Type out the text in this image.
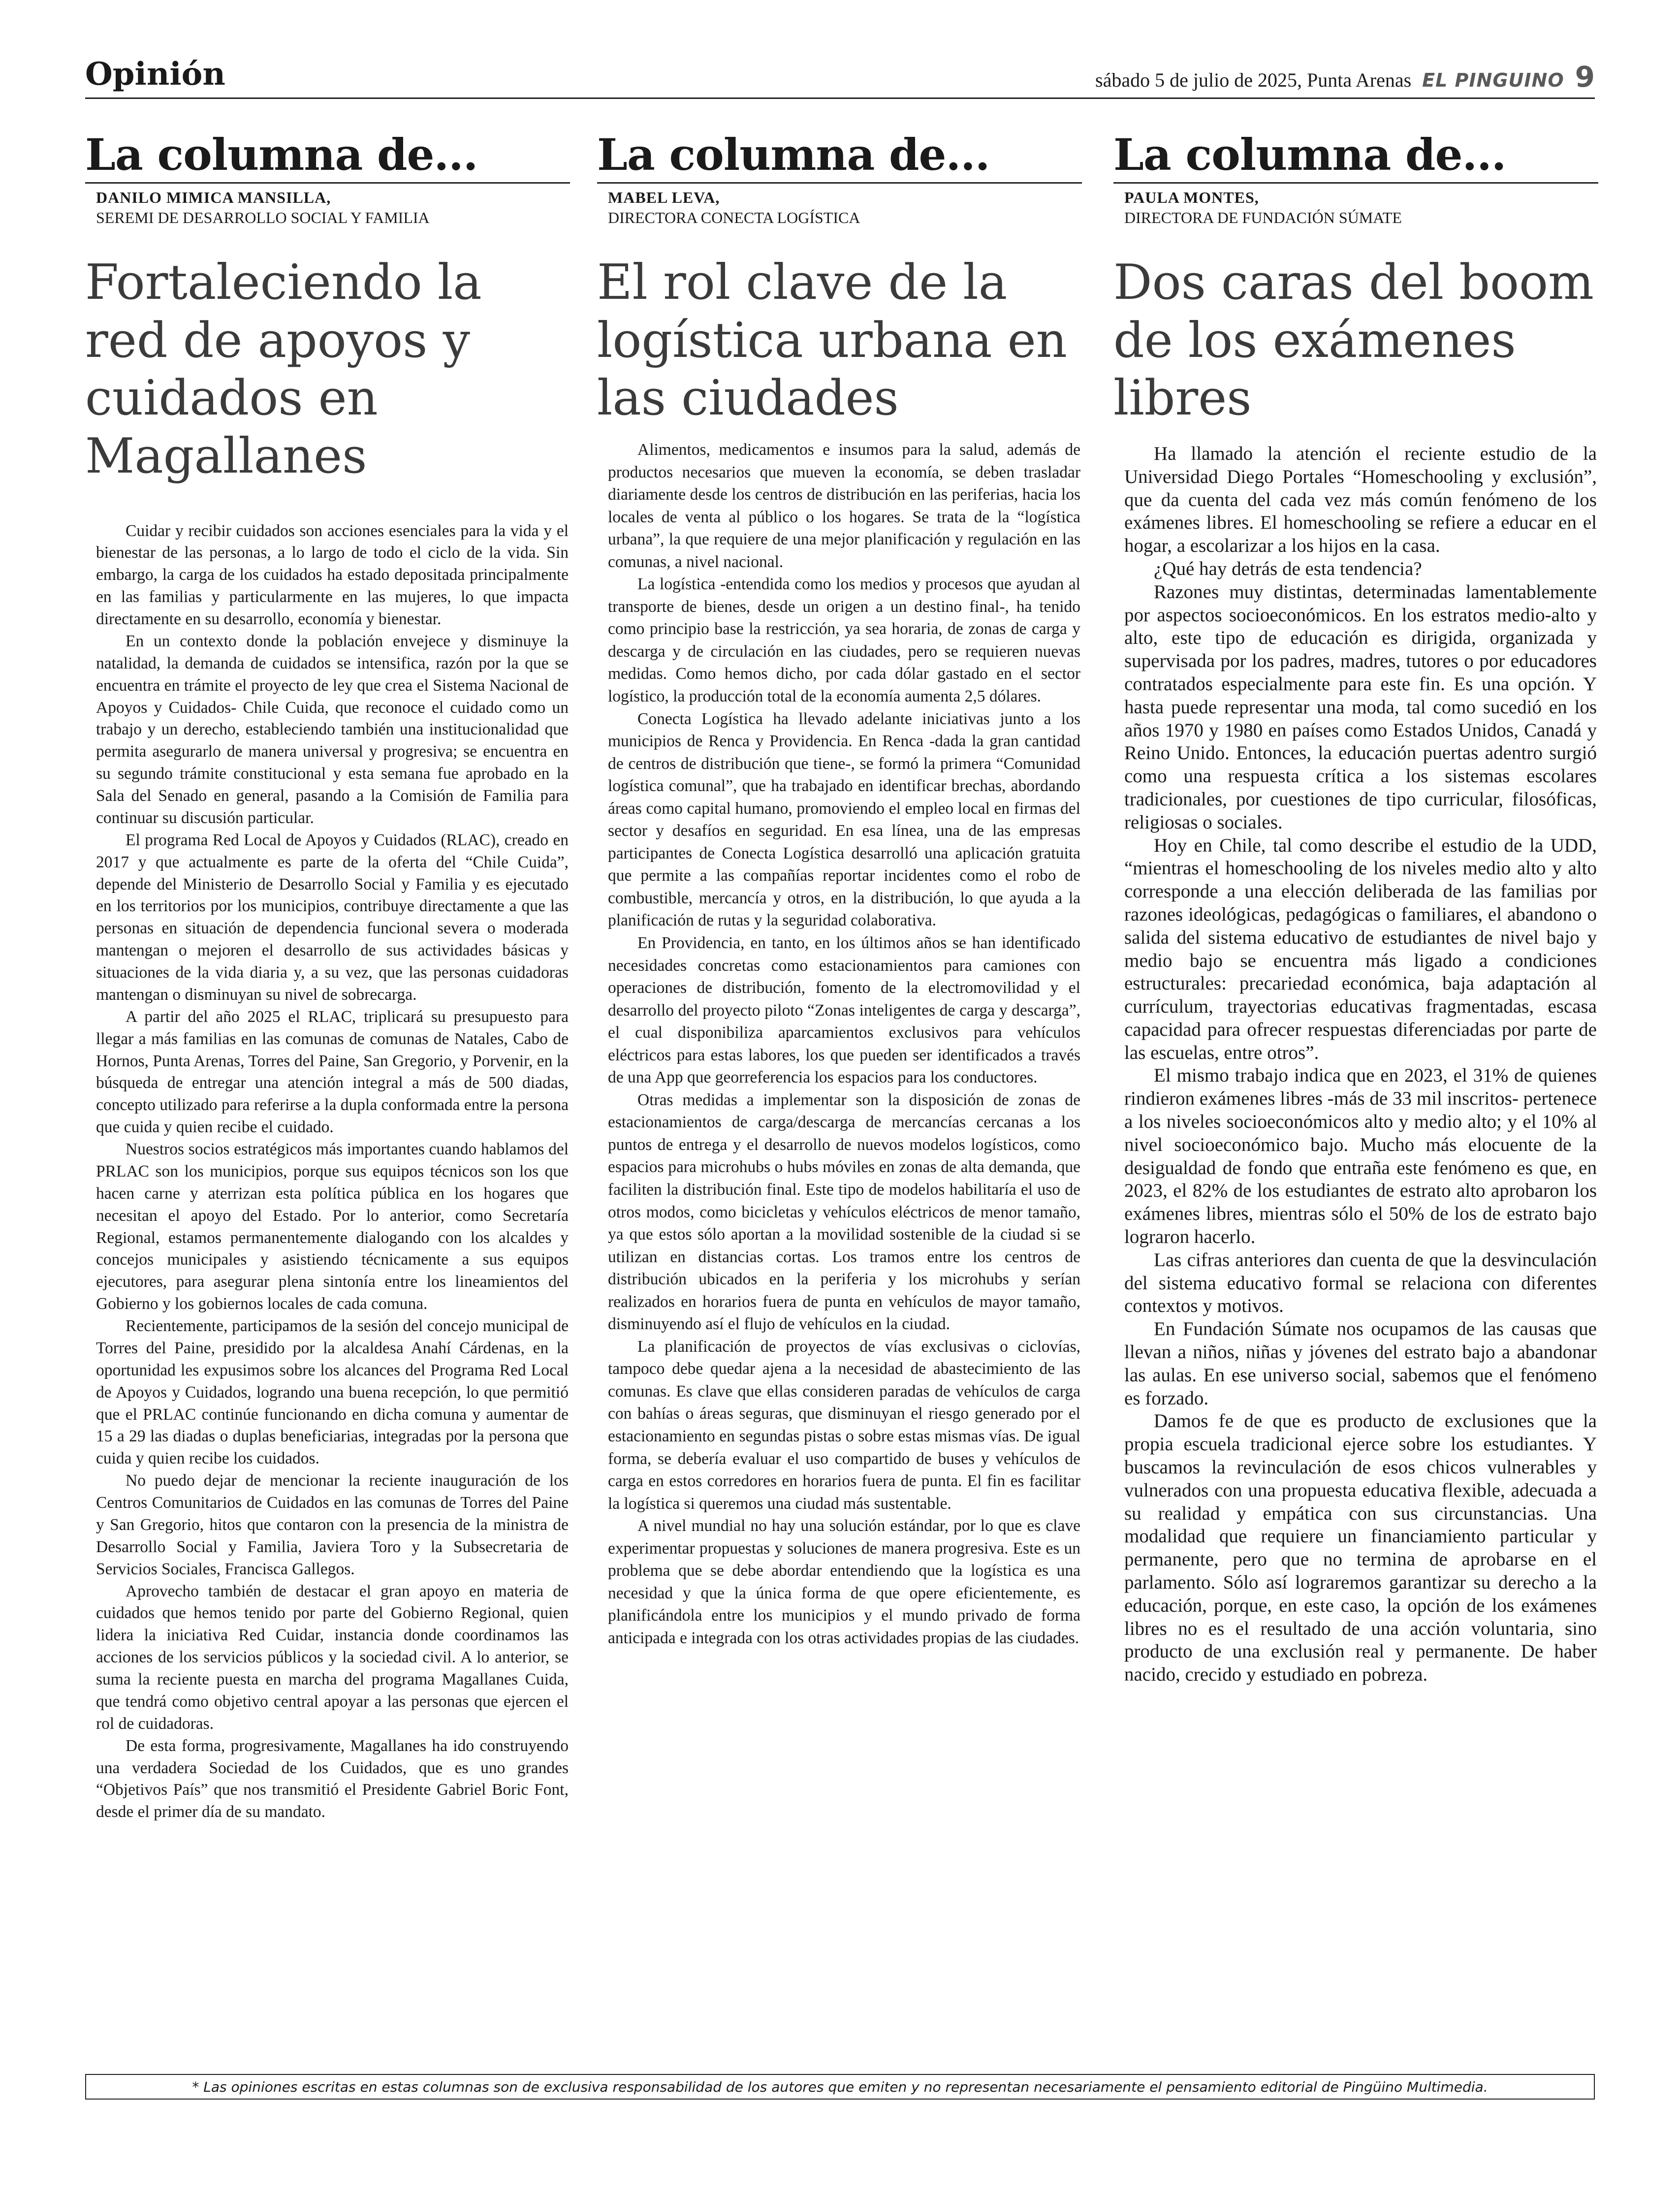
Opinión	sábado 5 de julio de 2025, Punta Arenas EL PINGUINO 9
La columna de...
DANILO MIMICA MANSILLA,
SEREMI DE DESARROLLO SOCIAL Y FAMILIA
Fortaleciendo la red de apoyos y cuidados en Magallanes

Cuidar y recibir cuidados son acciones esenciales para la vida y el bienestar de las personas, a lo largo de todo el ciclo de la vida. Sin embargo, la carga de los cuidados ha estado depositada principalmente en las familias y particularmente en las mujeres, lo que impacta directamente en su desarrollo, economía y bienestar.

En un contexto donde la población envejece y disminuye la natalidad, la demanda de cuidados se intensifica, razón por la que se encuentra en trámite el proyecto de ley que crea el Sistema Nacional de Apoyos y Cuidados- Chile Cuida, que reconoce el cuidado como un trabajo y un derecho, estableciendo también una institucionalidad que permita asegurarlo de manera universal y progresiva; se encuentra en su segundo trámite constitucional y esta semana fue aprobado en la Sala del Senado en general, pasando a la Comisión de Familia para continuar su discusión particular.

El programa Red Local de Apoyos y Cuidados (RLAC), creado en 2017 y que actualmente es parte de la oferta del “Chile Cuida”, depende del Ministerio de Desarrollo Social y Familia y es ejecutado en los territorios por los municipios, contribuye directamente a que las personas en situación de dependencia funcional severa o moderada mantengan o mejoren el desarrollo de sus actividades básicas y situaciones de la vida diaria y, a su vez, que las personas cuidadoras mantengan o disminuyan su nivel de sobrecarga.

A partir del año 2025 el RLAC, triplicará su presupuesto para llegar a más familias en las comunas de comunas de Natales, Cabo de Hornos, Punta Arenas, Torres del Paine, San Gregorio, y Porvenir, en la búsqueda de entregar una atención integral a más de 500 diadas, concepto utilizado para referirse a la dupla conformada entre la persona que cuida y quien recibe el cuidado.

Nuestros socios estratégicos más importantes cuando hablamos del PRLAC son los municipios, porque sus equipos técnicos son los que hacen carne y aterrizan esta política pública en los hogares que necesitan el apoyo del Estado. Por lo anterior, como Secretaría Regional, estamos permanentemente dialogando con los alcaldes y concejos municipales y asistiendo técnicamente a sus equipos ejecutores, para asegurar plena sintonía entre los lineamientos del Gobierno y los gobiernos locales de cada comuna.

Recientemente, participamos de la sesión del concejo municipal de Torres del Paine, presidido por la alcaldesa Anahí Cárdenas, en la oportunidad les expusimos sobre los alcances del Programa Red Local de Apoyos y Cuidados, logrando una buena recepción, lo que permitió que el PRLAC continúe funcionando en dicha comuna y aumentar de 15 a 29 las diadas o duplas beneficiarias, integradas por la persona que cuida y quien recibe los cuidados.

No puedo dejar de mencionar la reciente inauguración de los Centros Comunitarios de Cuidados en las comunas de Torres del Paine y San Gregorio, hitos que contaron con la presencia de la ministra de Desarrollo Social y Familia, Javiera Toro y la Subsecretaria de Servicios Sociales, Francisca Gallegos.

Aprovecho también de destacar el gran apoyo en materia de cuidados que hemos tenido por parte del Gobierno Regional, quien lidera la iniciativa Red Cuidar, instancia donde coordinamos las acciones de los servicios públicos y la sociedad civil. A lo anterior, se suma la reciente puesta en marcha del programa Magallanes Cuida, que tendrá como objetivo central apoyar a las personas que ejercen el rol de cuidadoras.

De esta forma, progresivamente, Magallanes ha ido construyendo una verdadera Sociedad de los Cuidados, que es uno grandes “Objetivos País” que nos transmitió el Presidente Gabriel Boric Font, desde el primer día de su mandato.

La columna de...
MABEL LEVA,
DIRECTORA CONECTA LOGÍSTICA
El rol clave de la logística urbana en las ciudades

Alimentos, medicamentos e insumos para la salud, además de productos necesarios que mueven la economía, se deben trasladar diariamente desde los centros de distribución en las periferias, hacia los locales de venta al público o los hogares. Se trata de la “logística urbana”, la que requiere de una mejor planificación y regulación en las comunas, a nivel nacional.

La logística -entendida como los medios y procesos que ayudan al transporte de bienes, desde un origen a un destino final-, ha tenido como principio base la restricción, ya sea horaria, de zonas de carga y descarga y de circulación en las ciudades, pero se requieren nuevas medidas. Como hemos dicho, por cada dólar gastado en el sector logístico, la producción total de la economía aumenta 2,5 dólares.

Conecta Logística ha llevado adelante iniciativas junto a los municipios de Renca y Providencia. En Renca -dada la gran cantidad de centros de distribución que tiene-, se formó la primera “Comunidad logística comunal”, que ha trabajado en identificar brechas, abordando áreas como capital humano, promoviendo el empleo local en firmas del sector y desafíos en seguridad. En esa línea, una de las empresas participantes de Conecta Logística desarrolló una aplicación gratuita que permite a las compañías reportar incidentes como el robo de combustible, mercancía y otros, en la distribución, lo que ayuda a la planificación de rutas y la seguridad colaborativa.

En Providencia, en tanto, en los últimos años se han identificado necesidades concretas como estacionamientos para camiones con operaciones de distribución, fomento de la electromovilidad y el desarrollo del proyecto piloto “Zonas inteligentes de carga y descarga”, el cual disponibiliza aparcamientos exclusivos para vehículos eléctricos para estas labores, los que pueden ser identificados a través de una App que georreferencia los espacios para los conductores.

Otras medidas a implementar son la disposición de zonas de estacionamientos de carga/descarga de mercancías cercanas a los puntos de entrega y el desarrollo de nuevos modelos logísticos, como espacios para microhubs o hubs móviles en zonas de alta demanda, que faciliten la distribución final. Este tipo de modelos habilitaría el uso de otros modos, como bicicletas y vehículos eléctricos de menor tamaño, ya que estos sólo aportan a la movilidad sostenible de la ciudad si se utilizan en distancias cortas. Los tramos entre los centros de distribución ubicados en la periferia y los microhubs y serían realizados en horarios fuera de punta en vehículos de mayor tamaño, disminuyendo así el flujo de vehículos en la ciudad.

La planificación de proyectos de vías exclusivas o ciclovías, tampoco debe quedar ajena a la necesidad de abastecimiento de las comunas. Es clave que ellas consideren paradas de vehículos de carga con bahías o áreas seguras, que disminuyan el riesgo generado por el estacionamiento en segundas pistas o sobre estas mismas vías. De igual forma, se debería evaluar el uso compartido de buses y vehículos de carga en estos corredores en horarios fuera de punta. El fin es facilitar la logística si queremos una ciudad más sustentable.

A nivel mundial no hay una solución estándar, por lo que es clave experimentar propuestas y soluciones de manera progresiva. Este es un problema que se debe abordar entendiendo que la logística es una necesidad y que la única forma de que opere eficientemente, es planificándola entre los municipios y el mundo privado de forma anticipada e integrada con los otras actividades propias de las ciudades.

La columna de...
PAULA MONTES,
DIRECTORA DE FUNDACIÓN SÚMATE
Dos caras del boom de los exámenes libres

Ha llamado la atención el reciente estudio de la Universidad Diego Portales “Homeschooling y exclusión”, que da cuenta del cada vez más común fenómeno de los exámenes libres. El homeschooling se refiere a educar en el hogar, a escolarizar a los hijos en la casa.

¿Qué hay detrás de esta tendencia?

Razones muy distintas, determinadas lamentablemente por aspectos socioeconómicos. En los estratos medio-alto y alto, este tipo de educación es dirigida, organizada y supervisada por los padres, madres, tutores o por educadores contratados especialmente para este fin. Es una opción. Y hasta puede representar una moda, tal como sucedió en los años 1970 y 1980 en países como Estados Unidos, Canadá y Reino Unido. Entonces, la educación puertas adentro surgió como una respuesta crítica a los sistemas escolares tradicionales, por cuestiones de tipo curricular, filosóficas, religiosas o sociales.

Hoy en Chile, tal como describe el estudio de la UDD, “mientras el homeschooling de los niveles medio alto y alto corresponde a una elección deliberada de las familias por razones ideológicas, pedagógicas o familiares, el abandono o salida del sistema educativo de estudiantes de nivel bajo y medio bajo se encuentra más ligado a condiciones estructurales: precariedad económica, baja adaptación al currículum, trayectorias educativas fragmentadas, escasa capacidad para ofrecer respuestas diferenciadas por parte de las escuelas, entre otros”.

El mismo trabajo indica que en 2023, el 31% de quienes rindieron exámenes libres -más de 33 mil inscritos- pertenece a los niveles socioeconómicos alto y medio alto; y el 10% al nivel socioeconómico bajo. Mucho más elocuente de la desigualdad de fondo que entraña este fenómeno es que, en 2023, el 82% de los estudiantes de estrato alto aprobaron los exámenes libres, mientras sólo el 50% de los de estrato bajo lograron hacerlo.

Las cifras anteriores dan cuenta de que la desvinculación del sistema educativo formal se relaciona con diferentes contextos y motivos.

En Fundación Súmate nos ocupamos de las causas que llevan a niños, niñas y jóvenes del estrato bajo a abandonar las aulas. En ese universo social, sabemos que el fenómeno es forzado.

Damos fe de que es producto de exclusiones que la propia escuela tradicional ejerce sobre los estudiantes. Y buscamos la revinculación de esos chicos vulnerables y vulnerados con una propuesta educativa flexible, adecuada a su realidad y empática con sus circunstancias. Una modalidad que requiere un financiamiento particular y permanente, pero que no termina de aprobarse en el parlamento. Sólo así lograremos garantizar su derecho a la educación, porque, en este caso, la opción de los exámenes libres no es el resultado de una acción voluntaria, sino producto de una exclusión real y permanente. De haber nacido, crecido y estudiado en pobreza.

* Las opiniones escritas en estas columnas son de exclusiva responsabilidad de los autores que emiten y no representan necesariamente el pensamiento editorial de Pingüino Multimedia.
